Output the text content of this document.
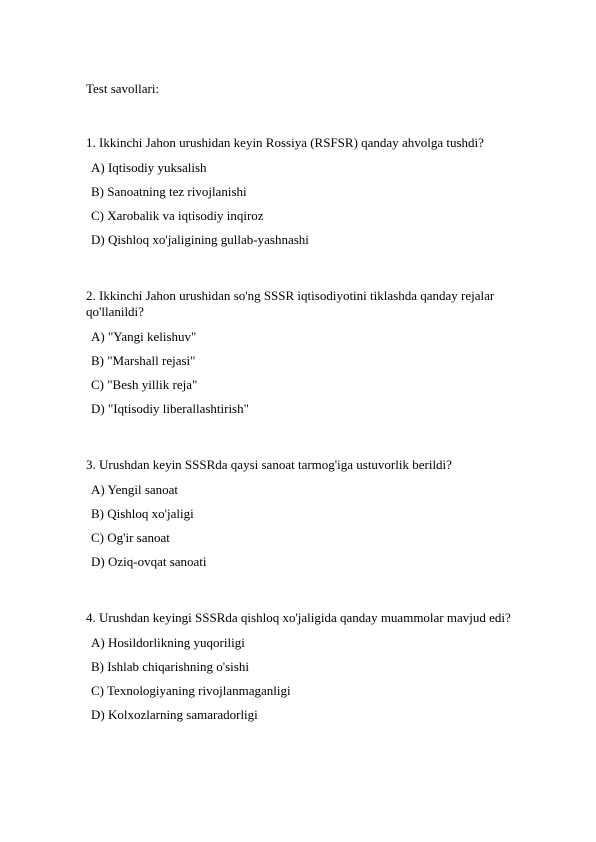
Test savollari:

1. Ikkinchi Jahon urushidan keyin Rossiya (RSFSR) qanday ahvolga tushdi?

A) Iqtisodiy yuksalish
B) Sanoatning tez rivojlanishi
C) Xarobalik va iqtisodiy inqiroz
D) Qishloq xo'jaligining gullab-yashnashi

2. Ikkinchi Jahon urushidan so'ng SSSR iqtisodiyotini tiklashda qanday rejalar qo'llanildi?

A) "Yangi kelishuv"
B) "Marshall rejasi"
C) "Besh yillik reja"
D) "Iqtisodiy liberallashtirish"

3. Urushdan keyin SSSRda qaysi sanoat tarmog'iga ustuvorlik berildi?

A) Yengil sanoat
B) Qishloq xo'jaligi
C) Og'ir sanoat
D) Oziq-ovqat sanoati

4. Urushdan keyingi SSSRda qishloq xo'jaligida qanday muammolar mavjud edi?

A) Hosildorlikning yuqoriligi
B) Ishlab chiqarishning o'sishi
C) Texnologiyaning rivojlanmaganligi
D) Kolxozlarning samaradorligi
